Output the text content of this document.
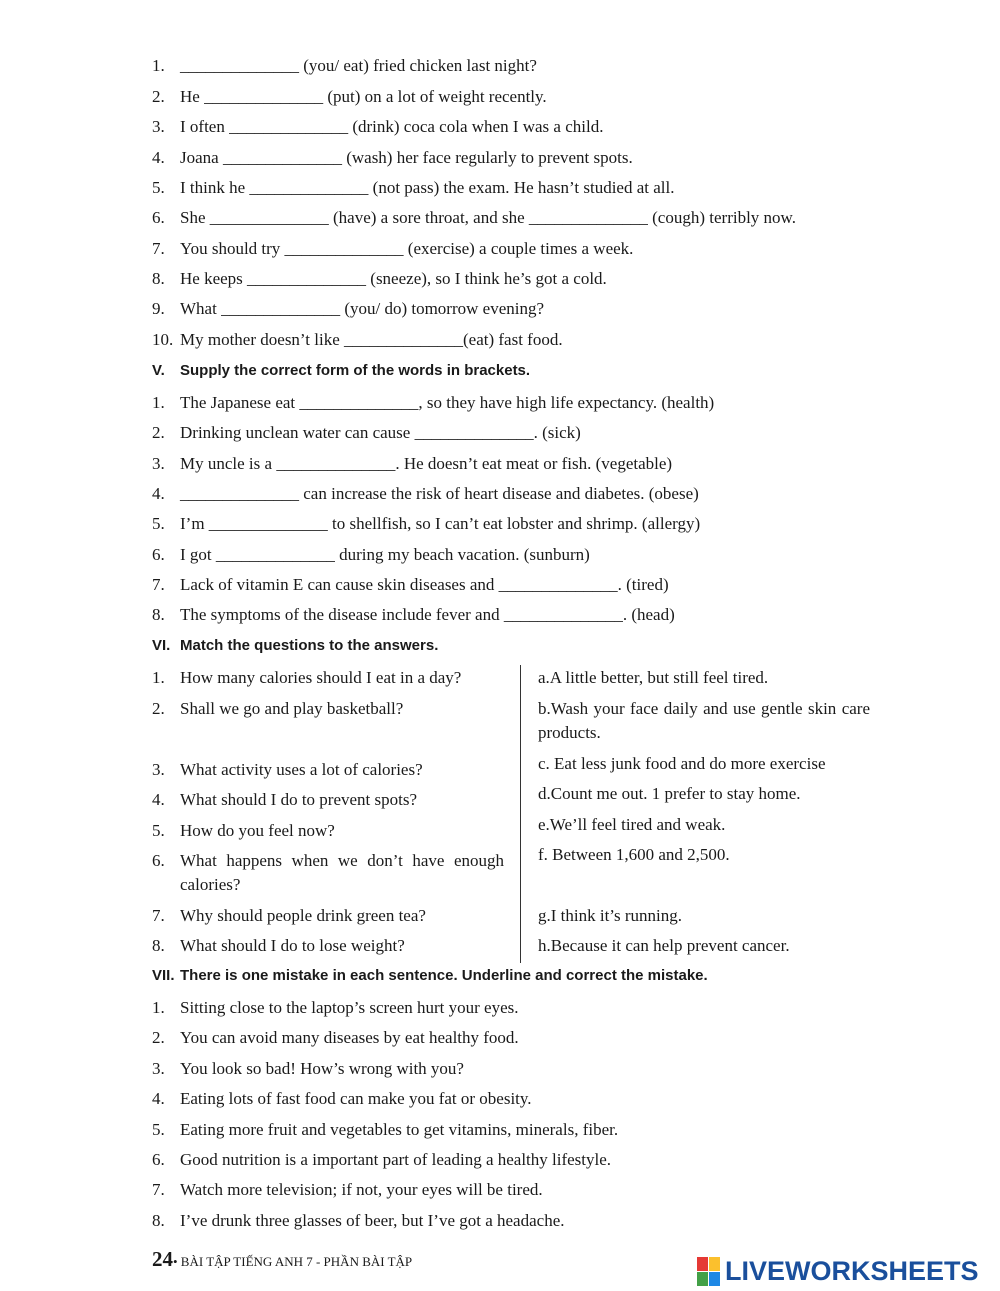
1. ______________ (you/ eat) fried chicken last night?
2. He ______________ (put) on a lot of weight recently.
3. I often ______________ (drink) coca cola when I was a child.
4. Joana ______________ (wash) her face regularly to prevent spots.
5. I think he ______________ (not pass) the exam. He hasn’t studied at all.
6. She ______________ (have) a sore throat, and she ______________ (cough) terribly now.
7. You should try ______________ (exercise) a couple times a week.
8. He keeps ______________ (sneeze), so I think he’s got a cold.
9. What ______________ (you/ do) tomorrow evening?
10. My mother doesn’t like ______________(eat) fast food.
V. Supply the correct form of the words in brackets.
1. The Japanese eat ______________, so they have high life expectancy. (health)
2. Drinking unclean water can cause ______________. (sick)
3. My uncle is a ______________. He doesn’t eat meat or fish. (vegetable)
4. ______________ can increase the risk of heart disease and diabetes. (obese)
5. I’m ______________ to shellfish, so I can’t eat lobster and shrimp. (allergy)
6. I got ______________ during my beach vacation. (sunburn)
7. Lack of vitamin E can cause skin diseases and ______________. (tired)
8. The symptoms of the disease include fever and ______________. (head)
VI. Match the questions to the answers.
1. How many calories should I eat in a day?
2. Shall we go and play basketball?
3. What activity uses a lot of calories?
4. What should I do to prevent spots?
5. How do you feel now?
6. What happens when we don’t have enough calories?
7. Why should people drink green tea?
8. What should I do to lose weight?
a.A little better, but still feel tired.
b.Wash your face daily and use gentle skin care products.
c. Eat less junk food and do more exercise
d.Count me out. 1 prefer to stay home.
e.We’ll feel tired and weak.
f. Between 1,600 and 2,500.
g.I think it’s running.
h.Because it can help prevent cancer.
VII. There is one mistake in each sentence. Underline and correct the mistake.
1. Sitting close to the laptop’s screen hurt your eyes.
2. You can avoid many diseases by eat healthy food.
3. You look so bad! How’s wrong with you?
4. Eating lots of fast food can make you fat or obesity.
5. Eating more fruit and vegetables to get vitamins, minerals, fiber.
6. Good nutrition is a important part of leading a healthy lifestyle.
7. Watch more television; if not, your eyes will be tired.
8. I’ve drunk three glasses of beer, but I’ve got a headache.
24• BÀI TẬP TIẾNG ANH 7 - PHẦN BÀI TẬP	LIVEWORKSHEETS
